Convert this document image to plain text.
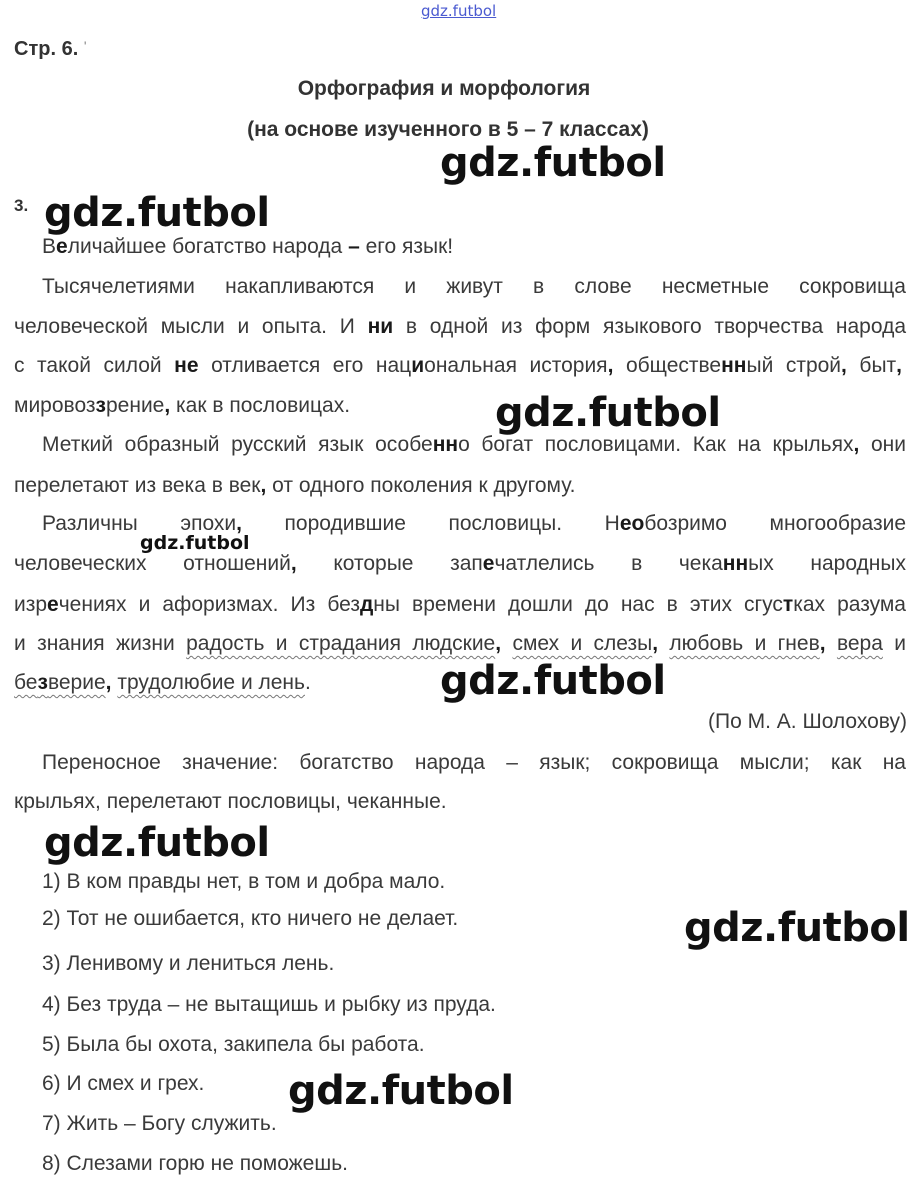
gdz.futbol
Стр. 6. '
Орфография и морфология
(на основе изученного в 5 – 7 классах)
gdz.futbol
gdz.futbol
gdz.futbol
gdz.futbol
gdz.futbol
gdz.futbol
gdz.futbol
gdz.futbol
3.
Величайшее богатство народа – его язык!
Тысячелетиями накапливаются и живут в слове несметные сокровища
человеческой мысли и опыта. И ни в одной из форм языкового творчества народа
с такой силой не отливается его национальная история, общественный строй, быт,
мировоззрение, как в пословицах.
Меткий образный русский язык особенно богат пословицами. Как на крыльях, они
перелетают из века в век, от одного поколения к другому.
Различны эпохи, породившие пословицы. Необозримо многообразие
человеческих отношений, которые запечатлелись в чеканных народных
изречениях и афоризмах. Из бездны времени дошли до нас в этих сгустках разума
и знания жизни радость и страдания людские, смех и слезы, любовь и гнев, вера и
безверие, трудолюбие и лень.
(По М. А. Шолохову)
Переносное значение: богатство народа – язык; сокровища мысли; как на
крыльях, перелетают пословицы, чеканные.
1) В ком правды нет, в том и добра мало.
2) Тот не ошибается, кто ничего не делает.
3) Ленивому и лениться лень.
4) Без труда – не вытащишь и рыбку из пруда.
5) Была бы охота, закипела бы работа.
6) И смех и грех.
7) Жить – Богу служить.
8) Слезами горю не поможешь.
